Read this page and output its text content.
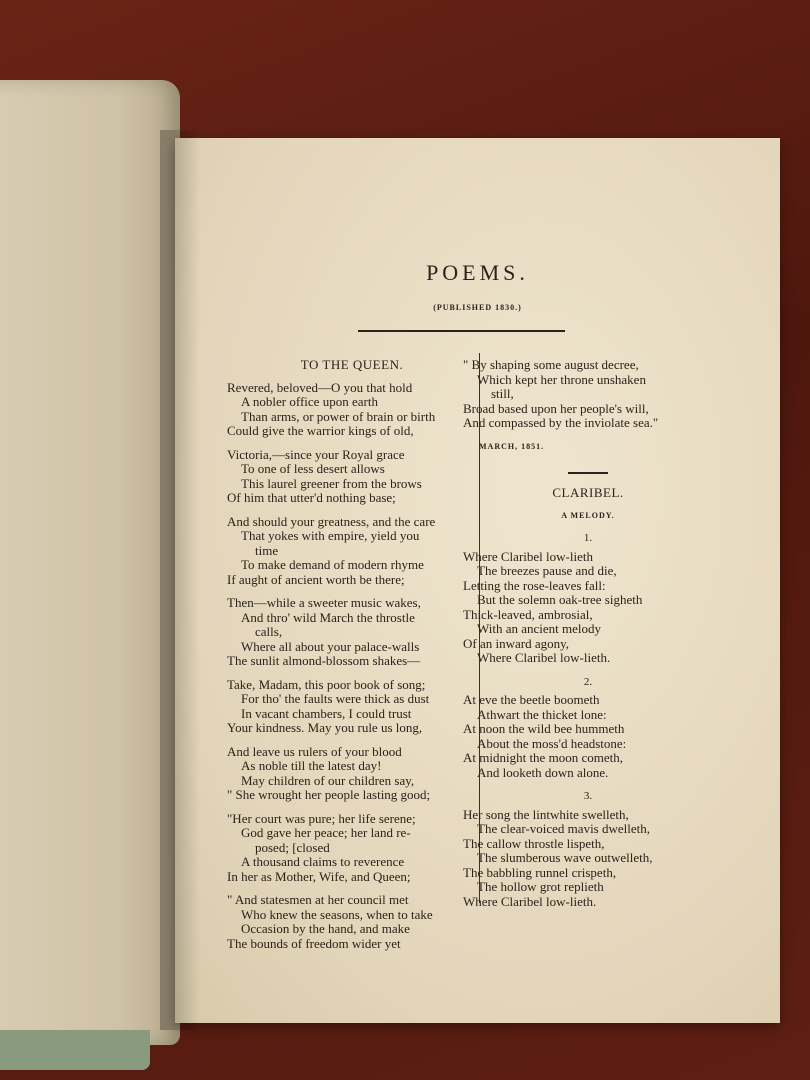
POEMS.
(PUBLISHED 1830.)
TO THE QUEEN.
Revered, beloved—O you that hold
A nobler office upon earth
Than arms, or power of brain or birth
Could give the warrior kings of old,
Victoria,—since your Royal grace
To one of less desert allows
This laurel greener from the brows
Of him that utter'd nothing base;
And should your greatness, and the care
That yokes with empire, yield you
time
To make demand of modern rhyme
If aught of ancient worth be there;
Then—while a sweeter music wakes,
And thro' wild March the throstle
calls,
Where all about your palace-walls
The sunlit almond-blossom shakes—
Take, Madam, this poor book of song;
For tho' the faults were thick as dust
In vacant chambers, I could trust
Your kindness. May you rule us long,
And leave us rulers of your blood
As noble till the latest day!
May children of our children say,
" She wrought her people lasting good;
"Her court was pure; her life serene;
God gave her peace; her land re-
posed; [closed
A thousand claims to reverence
In her as Mother, Wife, and Queen;
" And statesmen at her council met
Who knew the seasons, when to take
Occasion by the hand, and make
The bounds of freedom wider yet
" By shaping some august decree,
Which kept her throne unshaken
still,
Broad based upon her people's will,
And compassed by the inviolate sea."
MARCH, 1851.
CLARIBEL.
A MELODY.
1.
Where Claribel low-lieth
The breezes pause and die,
Letting the rose-leaves fall:
But the solemn oak-tree sigheth
Thick-leaved, ambrosial,
With an ancient melody
Of an inward agony,
Where Claribel low-lieth.
2.
At eve the beetle boometh
Athwart the thicket lone:
At noon the wild bee hummeth
About the moss'd headstone:
At midnight the moon cometh,
And looketh down alone.
3.
Her song the lintwhite swelleth,
The clear-voiced mavis dwelleth,
The callow throstle lispeth,
The slumberous wave outwelleth,
The babbling runnel crispeth,
The hollow grot replieth
Where Claribel low-lieth.
